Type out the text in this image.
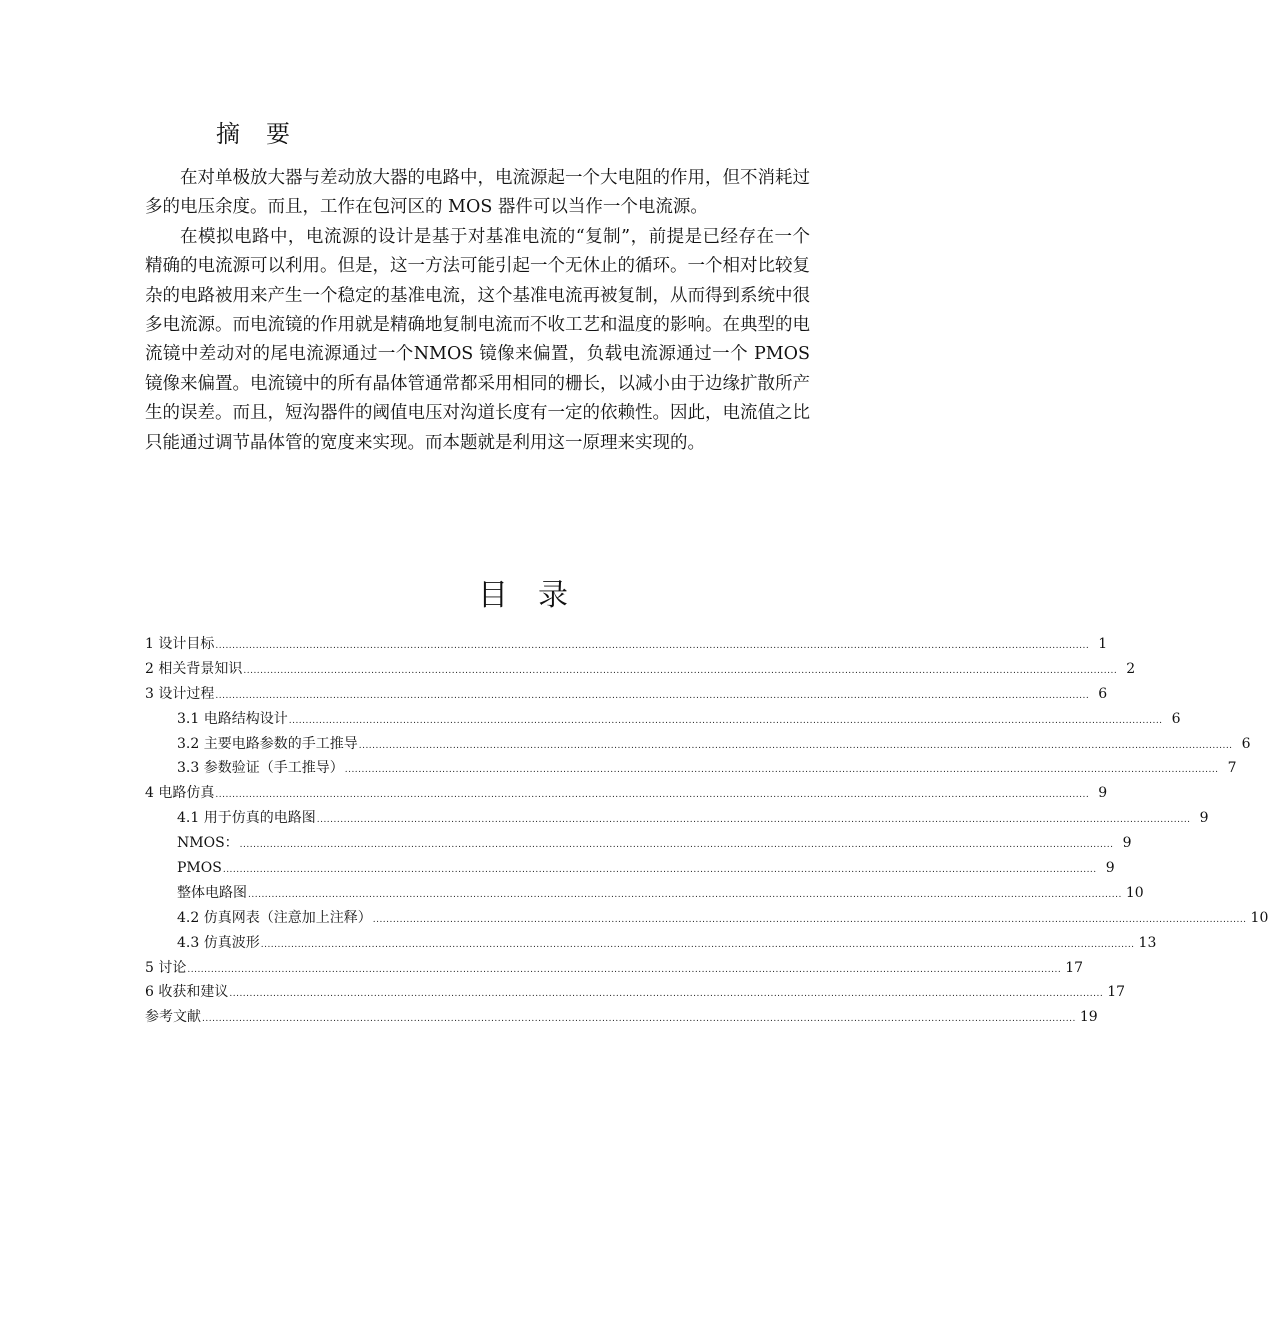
摘要

在对单极放大器与差动放大器的电路中，电流源起一个大电阻的作用，但不消耗过多的电压余度。而且，工作在包河区的 MOS 器件可以当作一个电流源。

在模拟电路中，电流源的设计是基于对基准电流的“复制”，前提是已经存在一个精确的电流源可以利用。但是，这一方法可能引起一个无休止的循环。一个相对比较复杂的电路被用来产生一个稳定的基准电流，这个基准电流再被复制，从而得到系统中很多电流源。而电流镜的作用就是精确地复制电流而不收工艺和温度的影响。在典型的电流镜中差动对的尾电流源通过一个NMOS 镜像来偏置，负载电流源通过一个 PMOS 镜像来偏置。电流镜中的所有晶体管通常都采用相同的栅长，以减小由于边缘扩散所产生的误差。而且，短沟器件的阈值电压对沟道长度有一定的依赖性。因此，电流值之比只能通过调节晶体管的宽度来实现。而本题就是利用这一原理来实现的。

目录
1 设计目标 .................................................................................................................................................................................................................................................................... 1
2 相关背景知识 .................................................................................................................................................................................................................................................................... 2
3 设计过程 .................................................................................................................................................................................................................................................................... 6
3.1 电路结构设计 .................................................................................................................................................................................................................................................................... 6
3.2 主要电路参数的手工推导 .................................................................................................................................................................................................................................................................... 6
3.3 参数验证（手工推导） .................................................................................................................................................................................................................................................................... 7
4 电路仿真 .................................................................................................................................................................................................................................................................... 9
4.1 用于仿真的电路图 .................................................................................................................................................................................................................................................................... 9
NMOS： .................................................................................................................................................................................................................................................................... 9
PMOS .................................................................................................................................................................................................................................................................... 9
整体电路图 .................................................................................................................................................................................................................................................................... 10
4.2 仿真网表（注意加上注释） .................................................................................................................................................................................................................................................................... 10
4.3 仿真波形 .................................................................................................................................................................................................................................................................... 13
5 讨论 .................................................................................................................................................................................................................................................................... 17
6 收获和建议 .................................................................................................................................................................................................................................................................... 17
参考文献 .................................................................................................................................................................................................................................................................... 19
